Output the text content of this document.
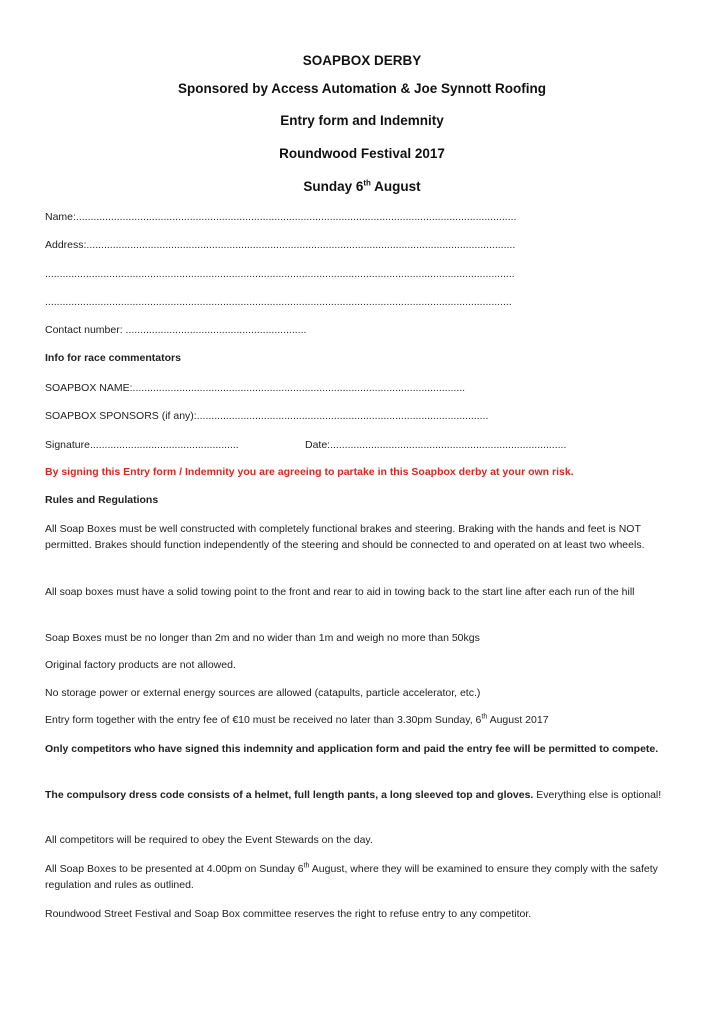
SOAPBOX DERBY
Sponsored by Access Automation & Joe Synnott Roofing
Entry form and Indemnity
Roundwood Festival 2017
Sunday 6th August
Name:.......................................................................................................................................................
Address:...................................................................................................................................................
.................................................................................................................................................................
................................................................................................................................................................
Contact number: ..............................................................
Info for race commentators
SOAPBOX NAME:..................................................................................................................
SOAPBOX SPONSORS (if any):....................................................................................................
Signature...................................................	Date:.................................................................................
By signing this Entry form / Indemnity you are agreeing to partake in this Soapbox derby at your own risk.
Rules and Regulations
All Soap Boxes must be well constructed with completely functional brakes and steering. Braking with the hands and feet is NOT permitted. Brakes should function independently of the steering and should be connected to and operated on at least two wheels.
All soap boxes must have a solid towing point to the front and rear to aid in towing back to the start line after each run of the hill
Soap Boxes must be no longer than 2m and no wider than 1m and weigh no more than 50kgs
Original factory products are not allowed.
No storage power or external energy sources are allowed (catapults, particle accelerator, etc.)
Entry form together with the entry fee of €10 must be received no later than 3.30pm Sunday, 6th August 2017
Only competitors who have signed this indemnity and application form and paid the entry fee will be permitted to compete.
The compulsory dress code consists of a helmet, full length pants, a long sleeved top and gloves. Everything else is optional!
All competitors will be required to obey the Event Stewards on the day.
All Soap Boxes to be presented at 4.00pm on Sunday 6th August, where they will be examined to ensure they comply with the safety regulation and rules as outlined.
Roundwood Street Festival and Soap Box committee reserves the right to refuse entry to any competitor.
